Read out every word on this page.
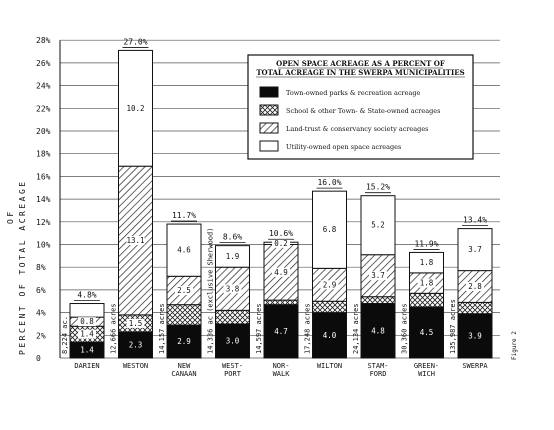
0
2%
4%
6%
8%
10%
12%
14%
16%
18%
20%
22%
24%
26%
28%
PERCENT OF TOTAL ACREAGE
OF
1.4
1.4
0.8
4.8%
8,224 ac.
DARIEN
2.3
1.5
13.1
10.2
27.0%
12,666 acres
WESTON
2.9
2.5
4.6
11.7%
14,157 acres
NEW
CANAAN
3.0
3.8
1.9
8.6%
14,336 ac (exclusive Sherwood)
WEST-
PORT
4.7
4.9
0.2
10.6%
14,597 acres
NOR-
WALK
4.0
2.9
6.8
16.0%
17,248 acres
WILTON
4.8
3.7
5.2
15.2%
24,134 acres
STAM-
FORD
4.5
1.8
1.8
11.9%
30,360 acres
GREEN-
WICH
3.9
2.8
3.7
13.4%
135,987 acres
SWERPA
Figure 2
OPEN SPACE ACREAGE AS A PERCENT OF
TOTAL ACREAGE IN THE SWERPA MUNICIPALITIES
Town-owned parks & recreation acreage
School & other Town- & State-owned acreages
Land-trust & conservancy society acreages
Utility-owned open space acreages
